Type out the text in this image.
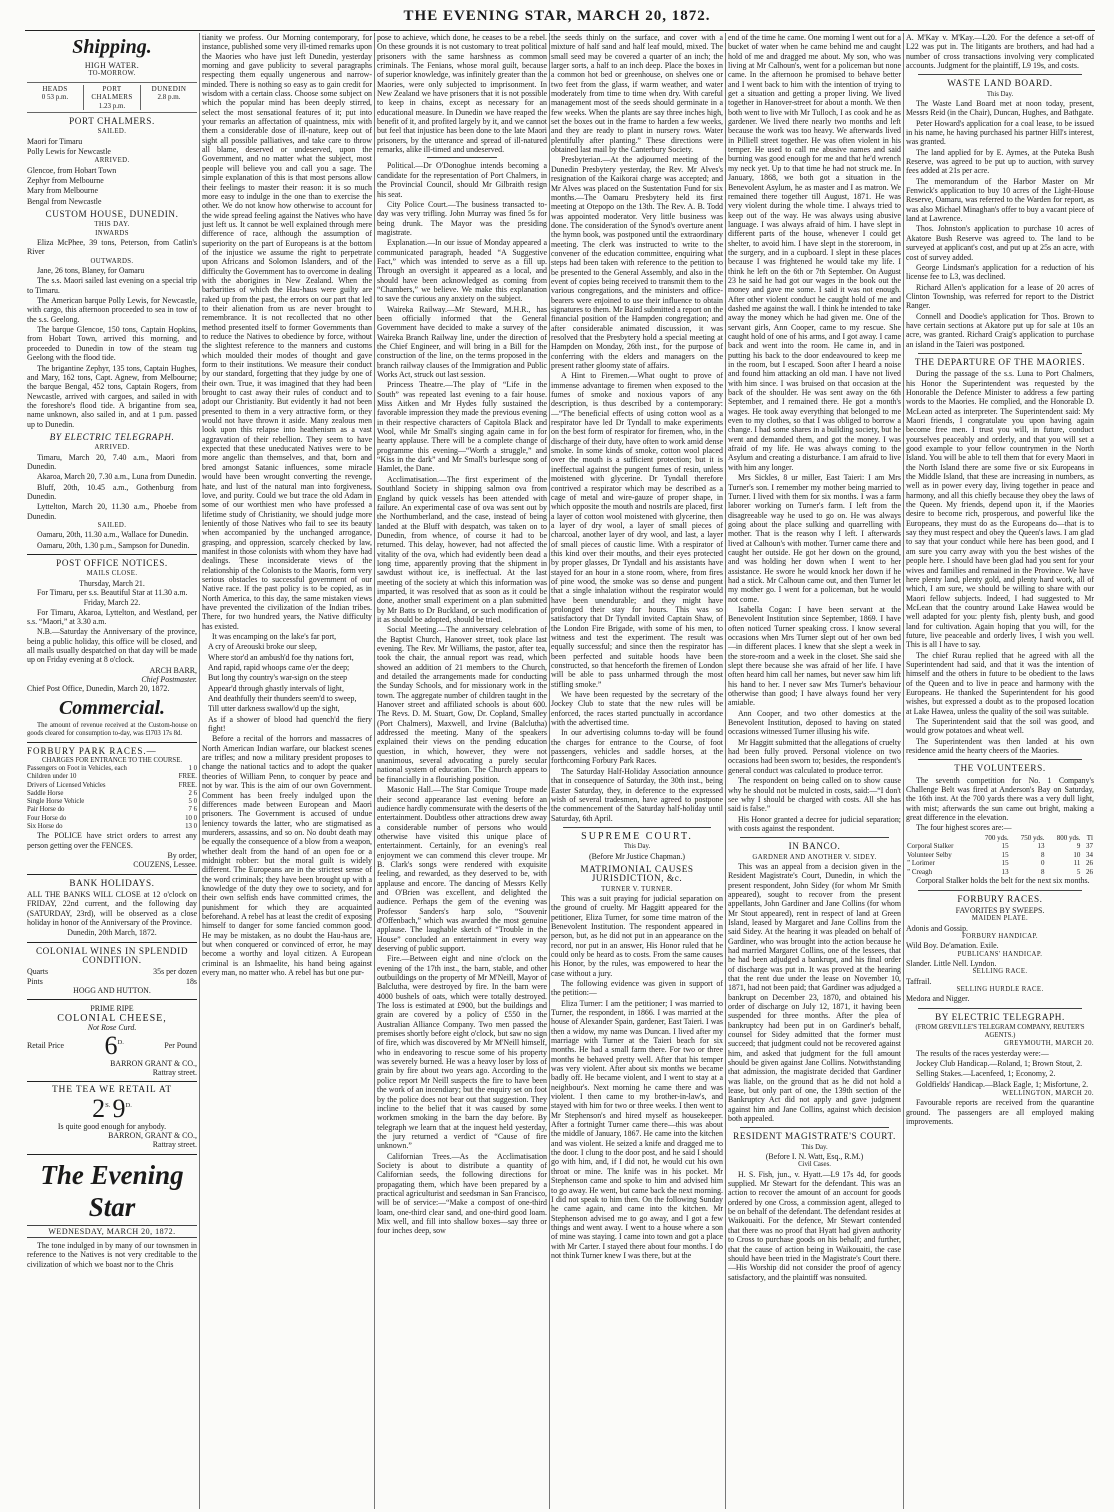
THE EVENING STAR, MARCH 20, 1872.
Shipping.
HIGH WATER.
TO-MORROW.
HEADS
0 53 p.m.
PORT CHALMERS
1.23 p.m.
DUNEDIN
2.8 p.m.
PORT CHALMERS.
SAILED.

Maori for Timaru

Polly Lewis for Newcastle

ARRIVED.

Glencoe, from Hobart Town

Zephyr from Melbourne

Mary from Melbourne

Bengal from Newcastle

CUSTOM HOUSE, DUNEDIN.
THIS DAY.
INWARDS

Eliza McPhee, 39 tons, Peterson, from Catlin's River

OUTWARDS.

Jane, 26 tons, Blaney, for Oamaru

The s.s. Maori sailed last evening on a special trip to Timaru.

The American barque Polly Lewis, for Newcastle, with cargo, this afternoon proceeded to sea in tow of the s.s. Geelong.

The barque Glencoe, 150 tons, Captain Hopkins, from Hobart Town, arrived this morning, and proceeded to Dunedin in tow of the steam tug Geelong with the flood tide.

The brigantine Zephyr, 135 tons, Captain Hughes, and Mary, 162 tons, Capt. Agnew, from Melbourne; the barque Bengal, 452 tons, Captain Rogers, from Newcastle, arrived with cargoes, and sailed in with the foreshore's flood tide. A brigantine from sea, name unknown, also sailed in, and at 1 p.m. passed up to Dunedin.

BY ELECTRIC TELEGRAPH.
ARRIVED.

Timaru, March 20, 7.40 a.m., Maori from Dunedin.

Akaroa, March 20, 7.30 a.m., Luna from Dunedin.

Bluff, 20th, 10.45 a.m., Gothenburg from Dunedin.

Lyttelton, March 20, 11.30 a.m., Phoebe from Dunedin.

SAILED.

Oamaru, 20th, 11.30 a.m., Wallace for Dunedin.

Oamaru, 20th, 1.30 p.m., Sampson for Dunedin.

POST OFFICE NOTICES.
MAILS CLOSE.
Thursday, March 21.

For Timaru, per s.s. Beautiful Star at 11.30 a.m.

Friday, March 22.

For Timaru, Akaroa, Lyttelton, and Westland, per s.s. “Maori,” at 3.30 a.m.

N.B.—Saturday the Anniversary of the province, being a public holiday, this office will be closed, and all mails usually despatched on that day will be made up on Friday evening at 8 o'clock.

ARCH BARR,
Chief Postmaster.

Chief Post Office, Dunedin, March 20, 1872.

Commercial.

The amount of revenue received at the Custom-house on goods cleared for consumption to-day, was £l703 17s 8d.

FORBURY PARK RACES.—
CHARGES FOR ENTRANCE TO THE COURSE.
Passengers on Foot in Vehicles, each	1 0
Children under 10	FREE.
Drivers of Licensed Vehicles	FREE.
Saddle Horse	2 6
Single Horse Vehicle	5 0
Pair Horse do	7 6
Four Horse do	10 0
Six Horse do	13 0

The POLICE have strict orders to arrest any person getting over the FENCES.

By order,
COUZENS, Lessee.
BANK HOLIDAYS.

ALL THE BANKS WILL CLOSE at 12 o'clock on FRIDAY, 22nd current, and the following day (SATURDAY, 23rd), will be observed as a close holiday in honor of the Anniversary of the Province.

Dunedin, 20th March, 1872.
COLONIAL WINES IN SPLENDID CONDITION.
Quarts	35s per dozen
Pints	18s
HOGG AND HUTTON.
PRIME RIPE
COLONIAL CHEESE,
Not Rose Curd.
Retail Price $6^{D.}$	Per Pound
BARRON GRANT & CO.,
Rattray street.
THE TEA WE RETAIL AT
$2^{S.}$ $9^{D.}$
Is quite good enough for anybody.
BARRON, GRANT & CO.,
Rattray street.
The Evening Star
WEDNESDAY, MARCH 20, 1872.

The tone indulged in by many of our townsmen in reference to the Natives is not very creditable to the civilization of which we boast nor to the Chris

tianity we profess. Our Morning contemporary, for instance, published some very ill-timed remarks upon the Maories who have just left Dunedin, yesterday morning and gave publicity to several paragraphs respecting them equally ungenerous and narrow-minded. There is nothing so easy as to gain credit for wisdom with a certain class. Choose some subject on which the popular mind has been deeply stirred, select the most sensational features of it; put into your remarks an affectation of quaintness, mix with them a considerable dose of ill-nature, keep out of sight all possible palliatives, and take care to throw all blame, deserved or undeserved, upon the Government, and no matter what the subject, most people will believe you and call you a sage. The simple explanation of this is that most persons allow their feelings to master their reason: it is so much more easy to indulge in the one than to exercise the other. We do not know how otherwise to account for the wide spread feeling against the Natives who have just left us. It cannot be well explained through mere difference of race, although the assumption of superiority on the part of Europeans is at the bottom of the injustice we assume the right to perpetrate upon Africans and Solomon Islanders, and of the difficulty the Government has to overcome in dealing with the aborigines in New Zealand. When the barbarities of which the Hau-haus were guilty are raked up from the past, the errors on our part that led to their alienation from us are never brought to remembrance. It is not recollected that no other method presented itself to former Governments than to reduce the Natives to obedience by force, without the slightest reference to the manners and customs which moulded their modes of thought and gave form to their institutions. We measure their conduct by our standard, forgetting that they judge by one of their own. True, it was imagined that they had been brought to cast away their rules of conduct and to adopt our Christianity. But evidently it had not been presented to them in a very attractive form, or they would not have thrown it aside. Many zealous men look upon this relapse into heathenism as a vast aggravation of their rebellion. They seem to have expected that these uneducated Natives were to be more angelic than themselves, and that, born and bred amongst Satanic influences, some miracle would have been wrought converting the revenge, hate, and lust of the natural man into forgiveness, love, and purity. Could we but trace the old Adam in some of our worthiest men who have professed a lifetime study of Christianity, we should judge more leniently of those Natives who fail to see its beauty when accompanied by the unchanged arrogance, grasping, and oppression, scarcely checked by law, manifest in those colonists with whom they have had dealings. These inconsiderate views of the relationship of the Colonists to the Maoris, form very serious obstacles to successful government of our Native race. If the past policy is to be copied, as in North America, to this day, the same mistaken views have prevented the civilization of the Indian tribes. There, for two hundred years, the Native difficulty has existed.

It was encamping on the lake's far port,

A cry of Areouski broke our sleep,

Where stor'd an ambush'd foe thy nations fort,

And rapid, rapid whoops came o'er the deep;

But long thy country's war-sign on the steep

Appear'd through ghastly intervals of light,

And deathfully their thunders seem'd to sweep,

Till utter darkness swallow'd up the sight,

As if a shower of blood had quench'd the fiery fight!

Before a recital of the horrors and massacres of North American Indian warfare, our blackest scenes are trifles; and now a military president proposes to change the national tactics and to adopt the quaker theories of William Penn, to conquer by peace and not by war. This is the aim of our own Government. Comment has been freely indulged upon the differences made between European and Maori prisoners. The Government is accused of undue leniency towards the latter, who are stigmatised as murderers, assassins, and so on. No doubt death may be equally the consequence of a blow from a weapon, whether dealt from the hand of an open foe or a midnight robber: but the moral guilt is widely different. The Europeans are in the strictest sense of the word criminals; they have been brought up with a knowledge of the duty they owe to society, and for their own selfish ends have committed crimes, the punishment for which they are acquainted beforehand. A rebel has at least the credit of exposing himself to danger for some fancied common good. He may be mistaken, as no doubt the Hau-haus are, but when conquered or convinced of error, he may become a worthy and loyal citizen. A European criminal is an Ishmaelite, his hand being against every man, no matter who. A rebel has but one pur-

pose to achieve, which done, he ceases to be a rebel. On these grounds it is not customary to treat political prisoners with the same harshness as common criminals. The Fenians, whose moral guilt, because of superior knowledge, was infinitely greater than the Maories, were only subjected to imprisonment. In New Zealand we have prisoners that it is not possible to keep in chains, except as necessary for an educational measure. In Dunedin we have reaped the benefit of it, and profited largely by it, and we cannot but feel that injustice has been done to the late Maori prisoners, by the utterance and spread of ill-natured remarks, alike ill-timed and undeserved.

Political.—Dr O'Donoghue intends becoming a candidate for the representation of Port Chalmers, in the Provincial Council, should Mr Gilbraith resign his seat.

City Police Court.—The business transacted to-day was very trifling. John Murray was fined 5s for being drunk. The Mayor was the presiding magistrate.

Explanation.—In our issue of Monday appeared a communicated paragraph, headed “A Suggestive Fact,” which was intended to serve as a fill up. Through an oversight it appeared as a local, and should have been acknowledged as coming from “Chambers,” we believe. We make this explanation to save the curious any anxiety on the subject.

Waireka Railway.—Mr Steward, M.H.R., has been officially informed that the General Government have decided to make a survey of the Waireka Branch Railway line, under the direction of the Chief Engineer, and will bring in a Bill for the construction of the line, on the terms proposed in the branch railway clauses of the Immigration and Public Works Act, struck out last session.

Princess Theatre.—The play of “Life in the South” was repeated last evening to a fair house. Miss Aitken and Mr Hydes fully sustained the favorable impression they made the previous evening in their respective characters of Capitola Black and Wool, while Mr Small's singing again came in for hearty applause. There will be a complete change of programme this evening—“Worth a struggle,” and “Kiss in the dark” and Mr Small's burlesque song of Hamlet, the Dane.

Acclimatisation.—The first experiment of the Southland Society in shipping salmon ova from England by quick vessels has been attended with failure. An experimental case of ova was sent out by the Northumberland, and the case, instead of being landed at the Bluff with despatch, was taken on to Dunedin, from whence, of course it had to be returned. This delay, however, had not affected the vitality of the ova, which had evidently been dead a long time, apparently proving that the shipment in sawdust without ice, is ineffectual. At the last meeting of the society at which this information was imparted, it was resolved that as soon as it could be done, another small experiment on a plan submitted by Mr Batts to Dr Buckland, or such modification of it as should be adopted, should be tried.

Social Meeting.—The anniversary celebration of the Baptist Church, Hanover street, took place last evening. The Rev. Mr Williams, the pastor, after tea, took the chair, the annual report was read, which showed an addition of 21 members to the Church, and detailed the arrangements made for conducting the Sunday Schools, and for missionary work in the town. The aggregate number of children taught in the Hanover street and affiliated schools is about 600. The Revs. D. M. Stuart, Gow, Dr. Copland, Smalley (Port Chalmers), Maxwell, and Irvine (Balclutha) addressed the meeting. Many of the speakers explained their views on the pending education question, in which, however, they were not unanimous, several advocating a purely secular national system of education. The Church appears to be financially in a flourishing position.

Masonic Hall.—The Star Comique Troupe made their second appearance last evening before an audience hardly commensurate with the deserts of the entertainment. Doubtless other attractions drew away a considerable number of persons who would otherwise have visited this unique place of entertainment. Certainly, for an evening's real enjoyment we can commend this clever troupe. Mr B. Clark's songs were rendered with exquisite feeling, and rewarded, as they deserved to be, with applause and encore. The dancing of Messrs Kelly and O'Brien was excellent, and delighted the audience. Perhaps the gem of the evening was Professor Sanders's harp solo, “Souvenir d'Offenbach,” which was awarded the most genuine applause. The laughable sketch of “Trouble in the House” concluded an entertainment in every way deserving of public support.

Fire.—Between eight and nine o'clock on the evening of the 17th inst., the barn, stable, and other outbuildings on the property of Mr M'Neill, Mayor of Balclutha, were destroyed by fire. In the barn were 4000 bushels of oats, which were totally destroyed. The loss is estimated at £900, but the buildings and grain are covered by a policy of £550 in the Australian Alliance Company. Two men passed the premises shortly before eight o'clock, but saw no sign of fire, which was discovered by Mr M'Neill himself, who in endeavoring to rescue some of his property was severely burned. He was a heavy loser by loss of grain by fire about two years ago. According to the police report Mr Neill suspects the fire to have been the work of an incendiary; but the enquiry set on foot by the police does not bear out that suggestion. They incline to the belief that it was caused by some workmen smoking in the barn the day before. By telegraph we learn that at the inquest held yesterday, the jury returned a verdict of “Cause of fire unknown.”

Californian Trees.—As the Acclimatisation Society is about to distribute a quantity of Californian seeds, the following directions for propagating them, which have been prepared by a practical agriculturist and seedsman in San Francisco, will be of service:—“Make a compost of one-third loam, one-third clear sand, and one-third good loam. Mix well, and fill into shallow boxes—say three or four inches deep, sow

the seeds thinly on the surface, and cover with a mixture of half sand and half leaf mould, mixed. The small seed may be covered a quarter of an inch; the larger sorts, a half to an inch deep. Place the boxes in a common hot bed or greenhouse, on shelves one or two feet from the glass, if warm weather, and water moderately from time to time when dry. With careful management most of the seeds should germinate in a few weeks. When the plants are say three inches high, set the boxes out in the frame to harden a few weeks, and they are ready to plant in nursery rows. Water plentifully after planting.” These directions were obtained last mail by the Canterbury Society.

Presbyterian.—At the adjourned meeting of the Dunedin Presbytery yesterday, the Rev. Mr Alves's resignation of the Kaikorai charge was accepted; and Mr Alves was placed on the Sustentation Fund for six months.—The Oamaru Presbytery held its first meeting at Otepopo on the 13th. The Rev. A. B. Todd was appointed moderator. Very little business was done. The consideration of the Synod's overture anent the hymn book, was postponed until the extraordinary meeting. The clerk was instructed to write to the convener of the education committee, enquiring what steps had been taken with reference to the petition to be presented to the General Assembly, and also in the event of copies being received to transmit them to the various congregations, and the ministers and office-bearers were enjoined to use their influence to obtain signatures to them. Mr Baird submitted a report on the financial position of the Hampden congregation; and after considerable animated discussion, it was resolved that the Presbytery hold a special meeting at Hampden on Monday, 26th inst., for the purpose of conferring with the elders and managers on the present rather gloomy state of affairs.

A Hint to Firemen.—What ought to prove of immense advantage to firemen when exposed to the fumes of smoke and noxious vapors of any description, is thus described by a contemporary:—“The beneficial effects of using cotton wool as a respirator have led Dr Tyndall to make experiments on the best form of respirator for firemen, who, in the discharge of their duty, have often to work amid dense smoke. In some kinds of smoke, cotton wool placed over the mouth is a sufficient protection; but it is ineffectual against the pungent fumes of resin, unless moistened with glycerine. Dr Tyndall therefore contrived a respirator which may be described as a cage of metal and wire-gauze of proper shape, in which opposite the mouth and nostrils are placed, first a layer of cotton wool moistened with glycerine, then a layer of dry wool, a layer of small pieces of charcoal, another layer of dry wool, and last, a layer of small pieces of caustic lime. With a respirator of this kind over their mouths, and their eyes protected by proper glasses, Dr Tyndall and his assistants have stayed for an hour in a stone room, where, from fires of pine wood, the smoke was so dense and pungent that a single inhalation without the respirator would have been unendurable; and they might have prolonged their stay for hours. This was so satisfactory that Dr Tyndall invited Captain Shaw, of the London Fire Brigade, with some of his men, to witness and test the experiment. The result was equally successful; and since then the respirator has been perfected and suitable hoods have been constructed, so that henceforth the firemen of London will be able to pass unharmed through the most stifling smoke.”

We have been requested by the secretary of the Jockey Club to state that the new rules will be enforced, the races started punctually in accordance with the advertised time.

In our advertising columns to-day will be found the charges for entrance to the Course, of foot passengers, vehicles and saddle horses, at the forthcoming Forbury Park Races.

The Saturday Half-Holiday Association announce that in consequence of Saturday, the 30th inst., being Easter Saturday, they, in deference to the expressed wish of several tradesmen, have agreed to postpone the commencement of the Saturday half-holiday until Saturday, 6th April.

SUPREME COURT.
This Day.
(Before Mr Justice Chapman.)
MATRIMONIAL CAUSES JURISDICTION, &c.
TURNER V. TURNER.

This was a suit praying for judicial separation on the ground of cruelty. Mr Haggitt appeared for the petitioner, Eliza Turner, for some time matron of the Benevolent Institution. The respondent appeared in person, but, as he did not put in an appearance on the record, nor put in an answer, His Honor ruled that he could only be heard as to costs. From the same causes his Honor, by the rules, was empowered to hear the case without a jury.

The following evidence was given in support of the petition:—

Eliza Turner: I am the petitioner; I was married to Turner, the respondent, in 1866. I was married at the house of Alexander Spain, gardener, East Taieri. I was then a widow, my name was Duncan. I lived after my marriage with Turner at the Taieri beach for six months. He had a small farm there. For two or three months he behaved pretty well. After that his temper was very violent. After about six months we became badly off. He became violent, and I went to stay at a neighbour's. Next morning he came there and was violent. I then came to my brother-in-law's, and stayed with him for two or three weeks. I then went to Mr Stephenson's and hired myself as housekeeper. After a fortnight Turner came there—this was about the middle of January, 1867. He came into the kitchen and was violent. He seized a knife and dragged me to the door. I clung to the door post, and he said I should go with him, and, if I did not, he would cut his own throat or mine. The knife was in his pocket. Mr Stephenson came and spoke to him and advised him to go away. He went, but came back the next morning. I did not speak to him then. On the following Sunday he came again, and came into the kitchen. Mr Stephenson advised me to go away, and I got a few things and went away. I went to a house where a son of mine was staying. I came into town and got a place with Mr Carter. I stayed there about four months. I do not think Turner knew I was there, but at the

end of the time he came. One morning I went out for a bucket of water when he came behind me and caught hold of me and dragged me about. My son, who was living at Mr Calhoun's, went for a policeman but none came. In the afternoon he promised to behave better and I went back to him with the intention of trying to get a situation and getting a proper living. We lived together in Hanover-street for about a month. We then both went to live with Mr Tulloch, I as cook and he as gardener. We lived there nearly two months and left because the work was too heavy. We afterwards lived in Pilliell street together. He was often violent in his temper. He used to call me abusive names and said burning was good enough for me and that he'd wrench my neck yet. Up to that time he had not struck me. In January, 1868, we both got a situation in the Benevolent Asylum, he as master and I as matron. We remained there together till August, 1871. He was very violent during the whole time. I always tried to keep out of the way. He was always using abusive language. I was always afraid of him. I have slept in different parts of the house, whenever I could get shelter, to avoid him. I have slept in the storeroom, in the surgery, and in a cupboard. I slept in these places because I was frightened he would take my life. I think he left on the 6th or 7th September. On August 23 he said he had got our wages in the book out the money and gave me some. I said it was not enough. After other violent conduct he caught hold of me and dashed me against the wall. I think he intended to take away the money which he had given me. One of the servant girls, Ann Cooper, came to my rescue. She caught hold of one of his arms, and I got away. I came back and went into the room. He came in, and in putting his back to the door endeavoured to keep me in the room, but I escaped. Soon after I heard a noise and found him attacking an old man. I have not lived with him since. I was bruised on that occasion at the back of the shoulder. He was sent away on the 6th September, and I remained there. He got a month's wages. He took away everything that belonged to me even to my clothes, so that I was obliged to borrow a change. I had some shares in a building society, but he went and demanded them, and got the money. I was afraid of my life. He was always coming to the Asylum and creating a disturbance. I am afraid to live with him any longer.

Mrs Sickles, 8 ur miller, East Taieri: I am Mrs Turner's son. I remember my mother being married to Turner. I lived with them for six months. I was a farm laborer working on Turner's farm. I left from the disagreeable way he used to go on. He was always going about the place sulking and quarrelling with mother. That is the reason why I left. I afterwards lived at Calhoun's with mother. Turner came there and caught her outside. He got her down on the ground, and was holding her down when I went to her assistance. He swore he would knock her down if he had a stick. Mr Calhoun came out, and then Turner let my mother go. I went for a policeman, but he would not come.

Isabella Cogan: I have been servant at the Benevolent Institution since September, 1869. I have often noticed Turner speaking cross. I know several occasions when Mrs Turner slept out of her own bed—in different places. I knew that she slept a week in the store-room and a week in the closet. She said she slept there because she was afraid of her life. I have often heard him call her names, but never saw him lift his hand to her. I never saw Mrs Turner's behaviour otherwise than good; I have always found her very amiable.

Ann Cooper, and two other domestics at the Benevolent Institution, deposed to having on stated occasions witnessed Turner illusing his wife.

Mr Haggitt submitted that the allegations of cruelty had been fully proved. Personal violence on two occasions had been sworn to; besides, the respondent's general conduct was calculated to produce terror.

The respondent on being called on to show cause why he should not be mulcted in costs, said:—“I don't see why I should be charged with costs. All she has said is false.”

His Honor granted a decree for judicial separation; with costs against the respondent.

IN BANCO.
GARDNER AND ANOTHER V. SIDEY.

This was an appeal from a decision given in the Resident Magistrate's Court, Dunedin, in which the present respondent, John Sidey (for whom Mr Smith appeared), sought to recover from the present appellants, John Gardiner and Jane Collins (for whom Mr Stout appeared), rent in respect of land at Green Island, leased by Margaret and Jane Collins from the said Sidey. At the hearing it was pleaded on behalf of Gardiner, who was brought into the action because he had married Margaret Collins, one of the lessees, that he had been adjudged a bankrupt, and his final order of discharge was put in. It was proved at the hearing that the rent due under the lease on November 10, 1871, had not been paid; that Gardiner was adjudged a bankrupt on December 23, 1870, and obtained his order of discharge on July 12, 1871, it having been suspended for three months. After the plea of bankruptcy had been put in on Gardiner's behalf, counsel for Sidey admitted that the former must succeed; that judgment could not be recovered against him, and asked that judgment for the full amount should be given against Jane Collins. Notwithstanding that admission, the magistrate decided that Gardiner was liable, on the ground that as he did not hold a lease, but only part of one, the 139th section of the Bankruptcy Act did not apply and gave judgment against him and Jane Collins, against which decision both appealed.

RESIDENT MAGISTRATE'S COURT.
This Day.
(Before I. N. Watt, Esq., R.M.)
Civil Cases.

H. S. Fish, jun., v. Hyatt.—L9 17s 4d, for goods supplied. Mr Stewart for the defendant. This was an action to recover the amount of an account for goods ordered by one Cross, a commission agent, alleged to be on behalf of the defendant. The defendant resides at Waikouaiti. For the defence, Mr Stewart contended that there was no proof that Hyatt had given authority to Cross to purchase goods on his behalf; and further, that the cause of action being in Waikouaiti, the case should have been tried in the Magistrate's Court there.—His Worship did not consider the proof of agency satisfactory, and the plaintiff was nonsuited.

A. M'Kay v. M'Kay.—L20. For the defence a set-off of L22 was put in. The litigants are brothers, and had had a number of cross transactions involving very complicated accounts. Judgment for the plaintiff, L9 19s, and costs.

WASTE LAND BOARD.
This Day.

The Waste Land Board met at noon today, present, Messrs Reid (in the Chair), Duncan, Hughes, and Bathgate.

Peter Howard's application for a coal lease, to be issued in his name, he having purchased his partner Hill's interest, was granted.

The land applied for by E. Aymes, at the Puteka Bush Reserve, was agreed to be put up to auction, with survey fees added at 21s per acre.

The memorandum of the Harbor Master on Mr Fenwick's application to buy 10 acres of the Light-House Reserve, Oamaru, was referred to the Warden for report, as was also Michael Minaghan's offer to buy a vacant piece of land at Lawrence.

Thos. Johnston's application to purchase 10 acres of Akatore Bush Reserve was agreed to. The land to be surveyed at applicant's cost, and put up at 25s an acre, with cost of survey added.

George Lindsman's application for a reduction of his license fee to L3, was declined.

Richard Allen's application for a lease of 20 acres of Clinton Township, was referred for report to the District Ranger.

Connell and Doodie's application for Thos. Brown to have certain sections at Akatore put up for sale at 10s an acre, was granted. Richard Craig's application to purchase an island in the Taieri was postponed.

THE DEPARTURE OF THE MAORIES.

During the passage of the s.s. Luna to Port Chalmers, his Honor the Superintendent was requested by the Honorable the Defence Minister to address a few parting words to the Maories. He complied, and the Honorable D. McLean acted as interpreter. The Superintendent said: My Maori friends, I congratulate you upon having again become free men. I trust you will, in future, conduct yourselves peaceably and orderly, and that you will set a good example to your fellow countrymen in the North Island. You will be able to tell them that for every Maori in the North Island there are some five or six Europeans in the Middle Island, that these are increasing in numbers, as well as in power every day, living together in peace and harmony, and all this chiefly because they obey the laws of the Queen. My friends, depend upon it, if the Maories desire to become rich, prosperous, and powerful like the Europeans, they must do as the Europeans do—that is to say they must respect and obey the Queen's laws. I am glad to say that your conduct while here has been good, and I am sure you carry away with you the best wishes of the people here. I should have been glad had you sent for your wives and families and remained in the Province. We have here plenty land, plenty gold, and plenty hard work, all of which, I am sure, we should be willing to share with our Maori fellow subjects. Indeed, I had suggested to Mr McLean that the country around Lake Hawea would be well adapted for you: plenty fish, plenty bush, and good land for cultivation. Again hoping that you will, for the future, live peaceable and orderly lives, I wish you well. This is all I have to say.

The chief Rurau replied that he agreed with all the Superintendent had said, and that it was the intention of himself and the others in future to be obedient to the laws of the Queen and to live in peace and harmony with the Europeans. He thanked the Superintendent for his good wishes, but expressed a doubt as to the proposed location at Lake Hawea, unless the quality of the soil was suitable.

The Superintendent said that the soil was good, and would grow potatoes and wheat well.

The Superintendent was then landed at his own residence amid the hearty cheers of the Maories.

THE VOLUNTEERS.

The seventh competition for No. 1 Company's Challenge Belt was fired at Anderson's Bay on Saturday, the 16th inst. At the 700 yards there was a very dull light, with mist; afterwards the sun came out bright, making a great difference in the elevation.

The four highest scores are:—

	700 yds.	750 yds.	800 yds.	Tl
Corporal Stalker	15	13	9	37
Volunteer Selby	15	8	10	34
” Lorimer	15	0	11	26
” Creagh	13	8	5	26

Corporal Stalker holds the belt for the next six months.

FORBURY RACES.
FAVORITES BY SWEEPS.
MAIDEN PLATE.
Adonis and Gossip.
FORBURY HANDICAP.
Wild Boy. De'amation. Exile.
PUBLICANS' HANDICAP.
Slander. Little Nell. Lyndon.
SELLING RACE.
Taffrail.
SELLING HURDLE RACE.
Medora and Nigger.
BY ELECTRIC TELEGRAPH.
(FROM GREVILLE'S TELEGRAM COMPANY, REUTER'S AGENTS.)
GREYMOUTH, MARCH 20.

The results of the races yesterday were:—

Jockey Club Handicap.—Roland, 1; Brown Stout, 2.

Selling Stakes.—Lacenfeed, 1; Economy, 2.

Goldfields' Handicap.—Black Eagle, 1; Misfortune, 2.

WELLINGTON, MARCH 20.

Favourable reports are received from the quarantine ground. The passengers are all employed making improvements.
